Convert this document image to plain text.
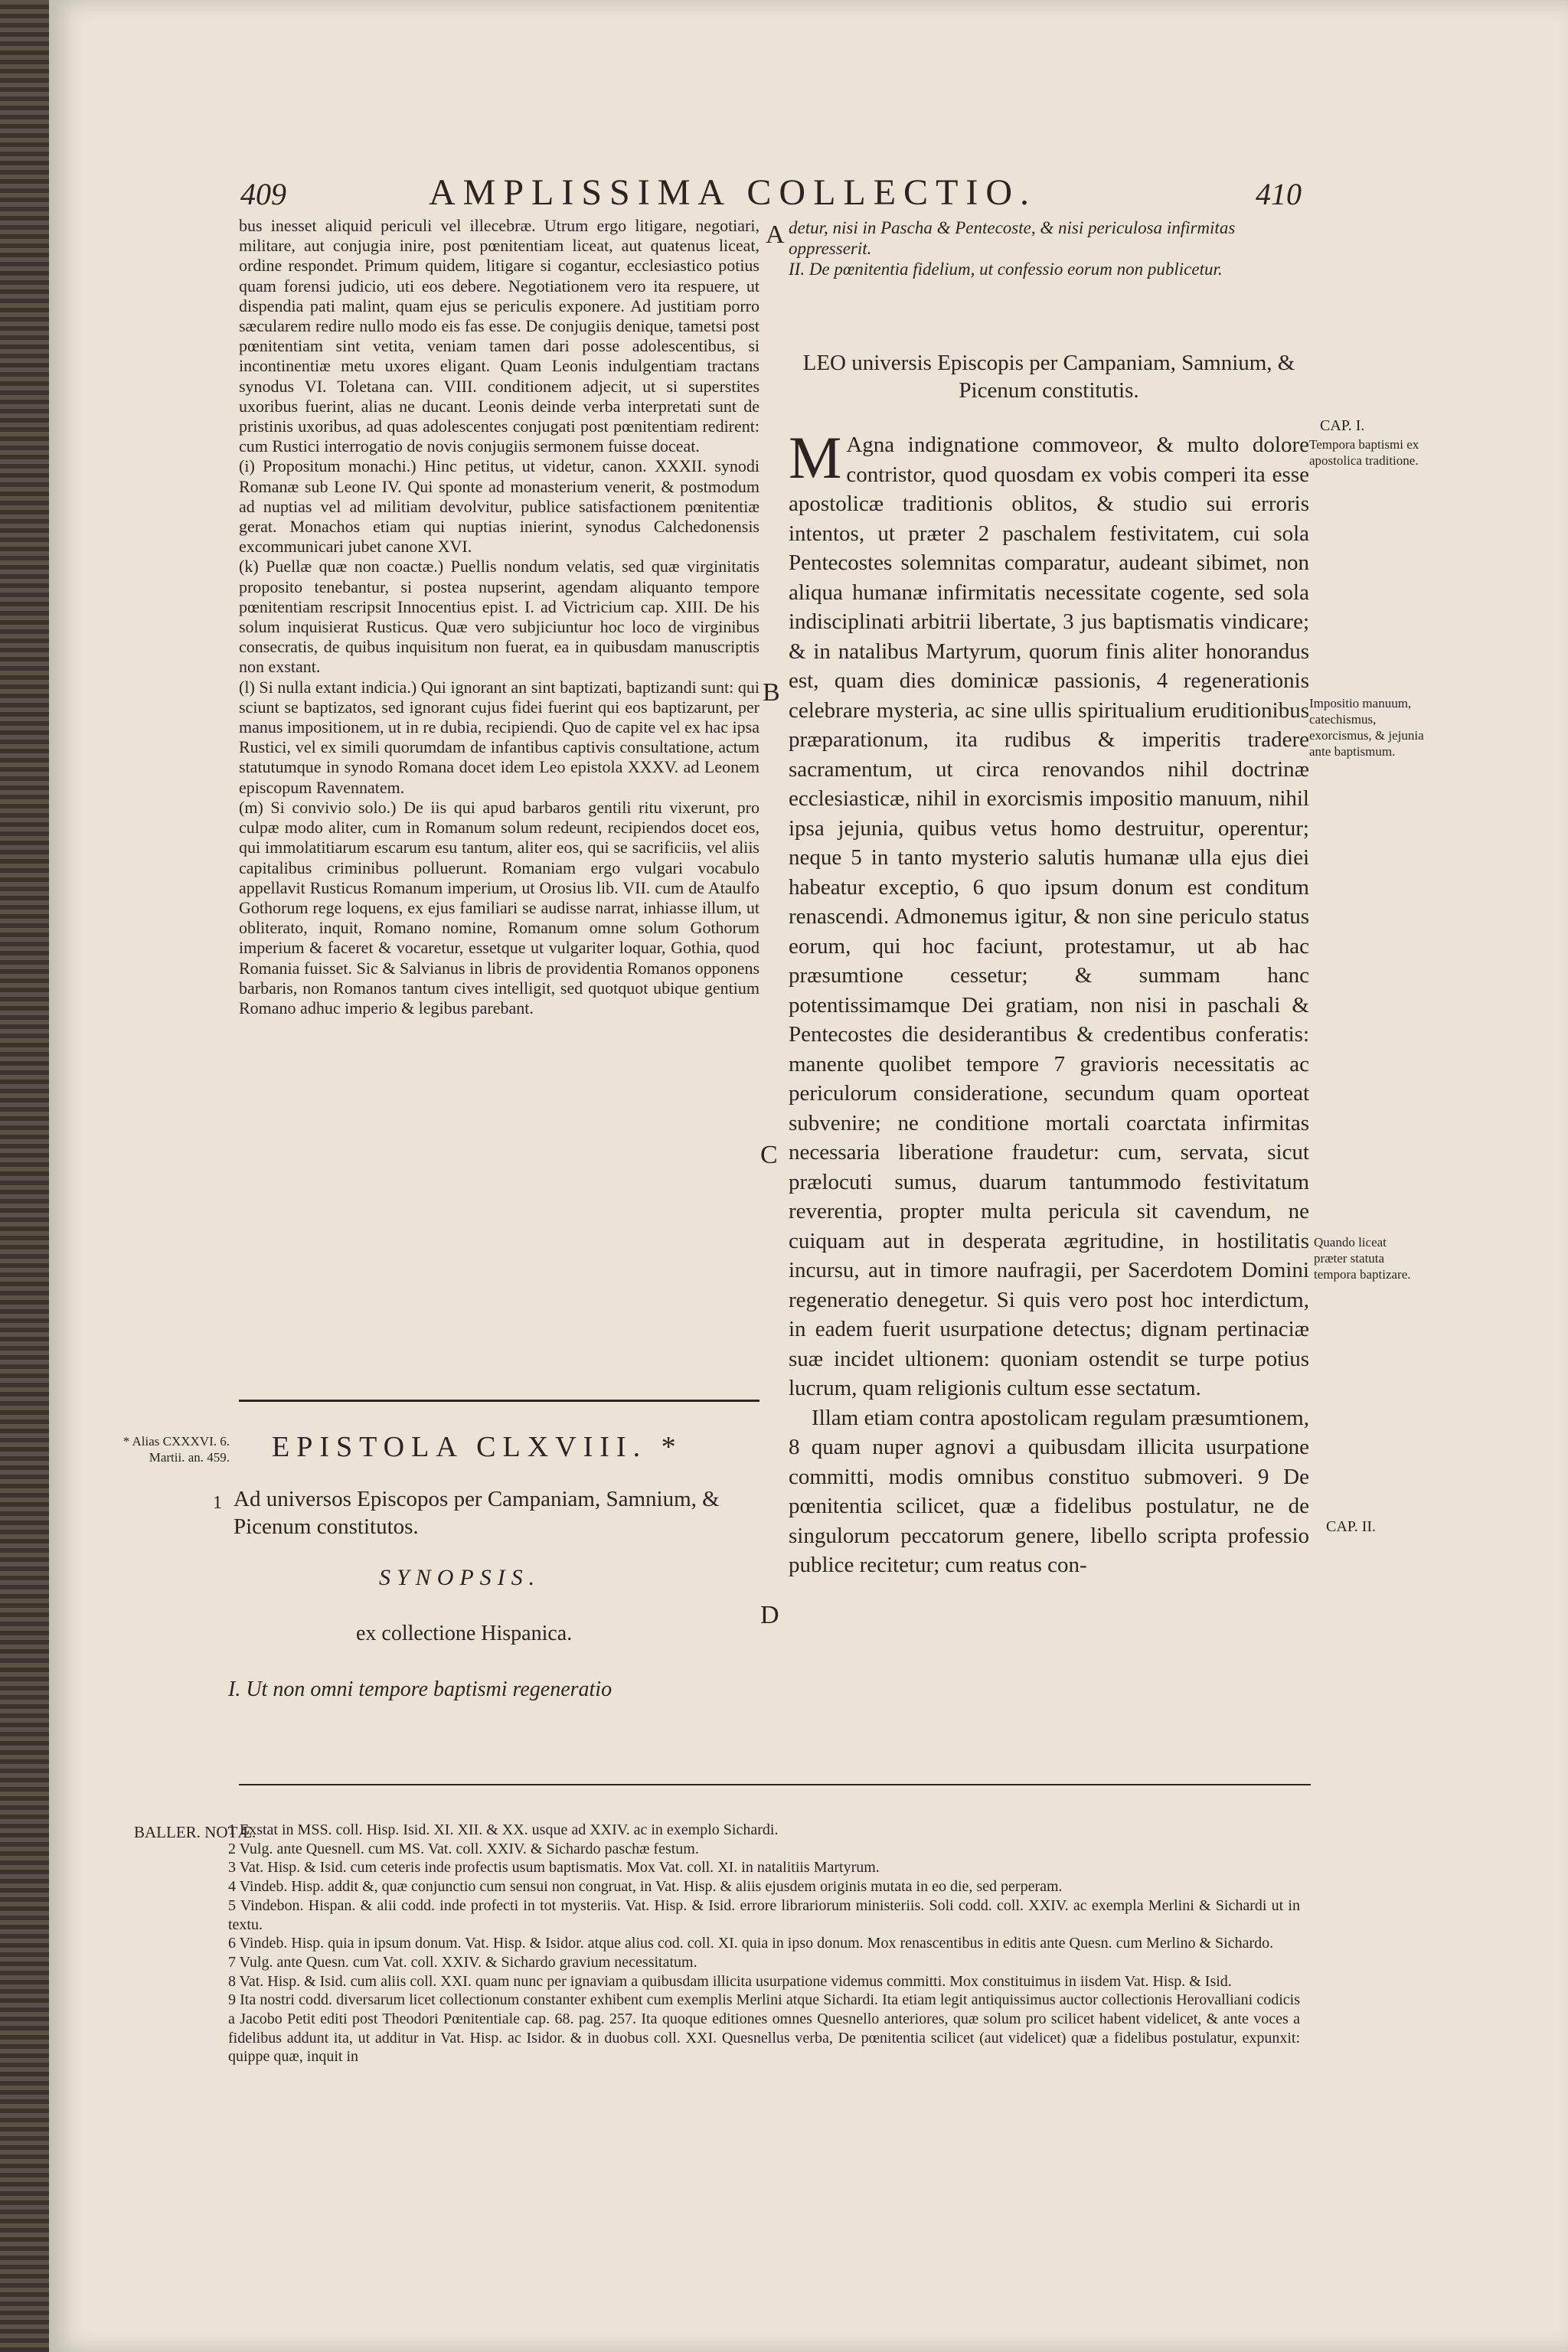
409	AMPLISSIMA COLLECTIO.	410

bus inesset aliquid periculi vel illecebræ. Utrum ergo litigare, negotiari, militare, aut conjugia inire, post pœnitentiam liceat, aut quatenus liceat, ordine respondet. Primum quidem, litigare si cogantur, ecclesiastico potius quam forensi judicio, uti eos debere. Negotiationem vero ita respuere, ut dispendia pati malint, quam ejus se periculis exponere. Ad justitiam porro sæcularem redire nullo modo eis fas esse. De conjugiis denique, tametsi post pœnitentiam sint vetita, veniam tamen dari posse adolescentibus, si incontinentiæ metu uxores eligant. Quam Leonis indulgentiam tractans synodus VI. Toletana can. VIII. conditionem adjecit, ut si superstites uxoribus fuerint, alias ne ducant. Leonis deinde verba interpretati sunt de pristinis uxoribus, ad quas adolescentes conjugati post pœnitentiam redirent: cum Rustici interrogatio de novis conjugiis sermonem fuisse doceat.

(i) Propositum monachi.) Hinc petitus, ut videtur, canon. XXXII. synodi Romanæ sub Leone IV. Qui sponte ad monasterium venerit, & postmodum ad nuptias vel ad militiam devolvitur, publice satisfactionem pœnitentiæ gerat. Monachos etiam qui nuptias inierint, synodus Calchedonensis excommunicari jubet canone XVI.

(k) Puellæ quæ non coactæ.) Puellis nondum velatis, sed quæ virginitatis proposito tenebantur, si postea nupserint, agendam aliquanto tempore pœnitentiam rescripsit Innocentius epist. I. ad Victricium cap. XIII. De his solum inquisierat Rusticus. Quæ vero subjiciuntur hoc loco de virginibus consecratis, de quibus inquisitum non fuerat, ea in quibusdam manuscriptis non exstant.

(l) Si nulla extant indicia.) Qui ignorant an sint baptizati, baptizandi sunt: qui sciunt se baptizatos, sed ignorant cujus fidei fuerint qui eos baptizarunt, per manus impositionem, ut in re dubia, recipiendi. Quo de capite vel ex hac ipsa Rustici, vel ex simili quorumdam de infantibus captivis consultatione, actum statutumque in synodo Romana docet idem Leo epistola XXXV. ad Leonem episcopum Ravennatem.

(m) Si convivio solo.) De iis qui apud barbaros gentili ritu vixerunt, pro culpæ modo aliter, cum in Romanum solum redeunt, recipiendos docet eos, qui immolatitiarum escarum esu tantum, aliter eos, qui se sacrificiis, vel aliis capitalibus criminibus polluerunt. Romaniam ergo vulgari vocabulo appellavit Rusticus Romanum imperium, ut Orosius lib. VII. cum de Ataulfo Gothorum rege loquens, ex ejus familiari se audisse narrat, inhiasse illum, ut obliterato, inquit, Romano nomine, Romanum omne solum Gothorum imperium & faceret & vocaretur, essetque ut vulgariter loquar, Gothia, quod Romania fuisset. Sic & Salvianus in libris de providentia Romanos opponens barbaris, non Romanos tantum cives intelligit, sed quotquot ubique gentium Romano adhuc imperio & legibus parebant.

A
B
C
D
detur, nisi in Pascha & Pentecoste, & nisi periculosa infirmitas oppresserit.
II. De pœnitentia fidelium, ut confessio eorum non publicetur.
LEO universis Episcopis per Campaniam, Samnium, & Picenum constitutis.
M Agna indignatione commoveor, & multo dolore contristor, quod quosdam ex vobis comperi ita esse apostolicæ traditionis oblitos, & studio sui erroris intentos, ut præter 2 paschalem festivitatem, cui sola Pentecostes solemnitas comparatur, audeant sibimet, non aliqua humanæ infirmitatis necessitate cogente, sed sola indisciplinati arbitrii libertate, 3 jus baptismatis vindicare; & in natalibus Martyrum, quorum finis aliter honorandus est, quam dies dominicæ passionis, 4 regenerationis celebrare mysteria, ac sine ullis spiritualium eruditionibus præparationum, ita rudibus & imperitis tradere sacramentum, ut circa renovandos nihil doctrinæ ecclesiasticæ, nihil in exorcismis impositio manuum, nihil ipsa jejunia, quibus vetus homo destruitur, operentur; neque 5 in tanto mysterio salutis humanæ ulla ejus diei habeatur exceptio, 6 quo ipsum donum est conditum renascendi. Admonemus igitur, & non sine periculo status eorum, qui hoc faciunt, protestamur, ut ab hac præsumtione cessetur; & summam hanc potentissimamque Dei gratiam, non nisi in paschali & Pentecostes die desiderantibus & credentibus conferatis: manente quolibet tempore 7 gravioris necessitatis ac periculorum consideratione, secundum quam oporteat subvenire; ne conditione mortali coarctata infirmitas necessaria liberatione fraudetur: cum, servata, sicut prælocuti sumus, duarum tantummodo festivitatum reverentia, propter multa pericula sit cavendum, ne cuiquam aut in desperata ægritudine, in hostilitatis incursu, aut in timore naufragii, per Sacerdotem Domini regeneratio denegetur. Si quis vero post hoc interdictum, in eadem fuerit usurpatione detectus; dignam pertinaciæ suæ incidet ultionem: quoniam ostendit se turpe potius lucrum, quam religionis cultum esse sectatum.
Illam etiam contra apostolicam regulam præsumtionem, 8 quam nuper agnovi a quibusdam illicita usurpatione committi, modis omnibus constituo submoveri. 9 De pœnitentia scilicet, quæ a fidelibus postulatur, ne de singulorum peccatorum genere, libello scripta professio publice recitetur; cum reatus con-
CAP. I.
Tempora baptismi ex apostolica traditione.
Impositio manuum, catechismus, exorcismus, & jejunia ante baptismum.
Quando liceat præter statuta tempora baptizare.
CAP. II.
* Alias CXXXVI. 6. Martii. an. 459. EPISTOLA CLXVIII. *
1 Ad universos Episcopos per Campaniam, Samnium, & Picenum constitutos.
SYNOPSIS.
ex collectione Hispanica.
I. Ut non omni tempore baptismi regeneratio
BALLER. NOTÆ.

1 Exstat in MSS. coll. Hisp. Isid. XI. XII. & XX. usque ad XXIV. ac in exemplo Sichardi.

2 Vulg. ante Quesnell. cum MS. Vat. coll. XXIV. & Sichardo paschæ festum.

3 Vat. Hisp. & Isid. cum ceteris inde profectis usum baptismatis. Mox Vat. coll. XI. in natalitiis Martyrum.

4 Vindeb. Hisp. addit &, quæ conjunctio cum sensui non congruat, in Vat. Hisp. & aliis ejusdem originis mutata in eo die, sed perperam.

5 Vindebon. Hispan. & alii codd. inde profecti in tot mysteriis. Vat. Hisp. & Isid. errore librariorum ministeriis. Soli codd. coll. XXIV. ac exempla Merlini & Sichardi ut in textu.

6 Vindeb. Hisp. quia in ipsum donum. Vat. Hisp. & Isidor. atque alius cod. coll. XI. quia in ipso donum. Mox renascentibus in editis ante Quesn. cum Merlino & Sichardo.

7 Vulg. ante Quesn. cum Vat. coll. XXIV. & Sichardo gravium necessitatum.

8 Vat. Hisp. & Isid. cum aliis coll. XXI. quam nunc per ignaviam a quibusdam illicita usurpatione videmus committi. Mox constituimus in iisdem Vat. Hisp. & Isid.

9 Ita nostri codd. diversarum licet collectionum constanter exhibent cum exemplis Merlini atque Sichardi. Ita etiam legit antiquissimus auctor collectionis Herovalliani codicis a Jacobo Petit editi post Theodori Pœnitentiale cap. 68. pag. 257. Ita quoque editiones omnes Quesnello anteriores, quæ solum pro scilicet habent videlicet, & ante voces a fidelibus addunt ita, ut additur in Vat. Hisp. ac Isidor. & in duobus coll. XXI. Quesnellus verba, De pœnitentia scilicet (aut videlicet) quæ a fidelibus postulatur, expunxit: quippe quæ, inquit in
